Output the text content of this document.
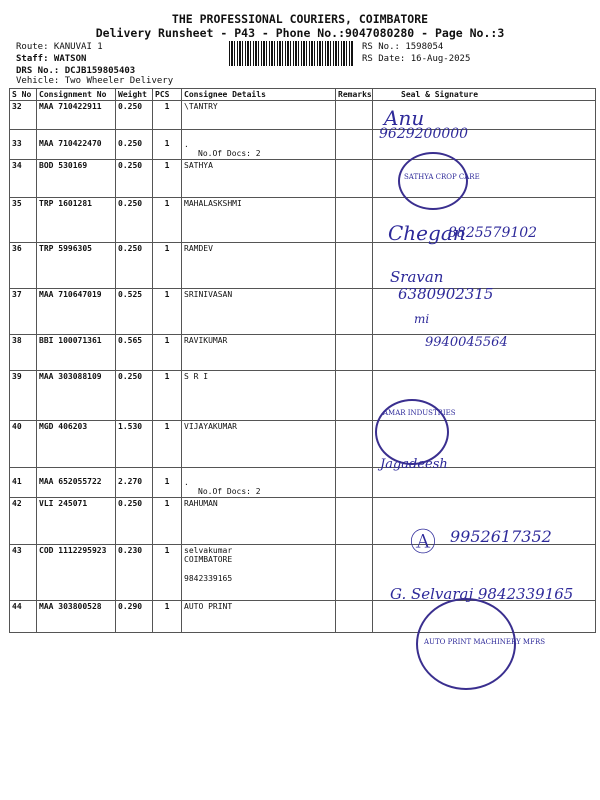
THE PROFESSIONAL COURIERS, COIMBATORE
Delivery Runsheet - P43 - Phone No.:9047080280 - Page No.:3
Route: KANUVAI 1
Staff: WATSON
DRS No.: DCJB159805403
Vehicle: Two Wheeler Delivery
RS No.: 1598054
RS Date: 16-Aug-2025
S No	Consignment No	Weight	PCS	Consignee Details	Remarks	Seal & Signature
32	MAA 710422911	0.250	1	\TANTRY		

33	MAA 710422470	0.250	1	.
No.Of Docs: 2		

34	BOD 530169	0.250	1	SATHYA		

35	TRP 1601281	0.250	1	MAHALASKSHMI		

36	TRP 5996305	0.250	1	RAMDEV		

37	MAA 710647019	0.525	1	SRINIVASAN		

38	BBI 100071361	0.565	1	RAVIKUMAR		

39	MAA 303088109	0.250	1	S R I		

40	MGD 406203	1.530	1	VIJAYAKUMAR		

41	MAA 652055722	2.270	1	.
No.Of Docs: 2		

42	VLI 245071	0.250	1	RAHUMAN		

43	COD 1112295923	0.230	1	selvakumar
COIMBATORE
9842339165		

44	MAA 303800528	0.290	1	AUTO PRINT		

Anu
9629200000
SATHYA CROP CARE
Chegan
8825579102
Sravan
6380902315
mi
9940045564
AMAR INDUSTRIES
Jagadeesh
Ⓐ 9952617352
G. Selvaraj 9842339165
AUTO PRINT MACHINERY MFRS
